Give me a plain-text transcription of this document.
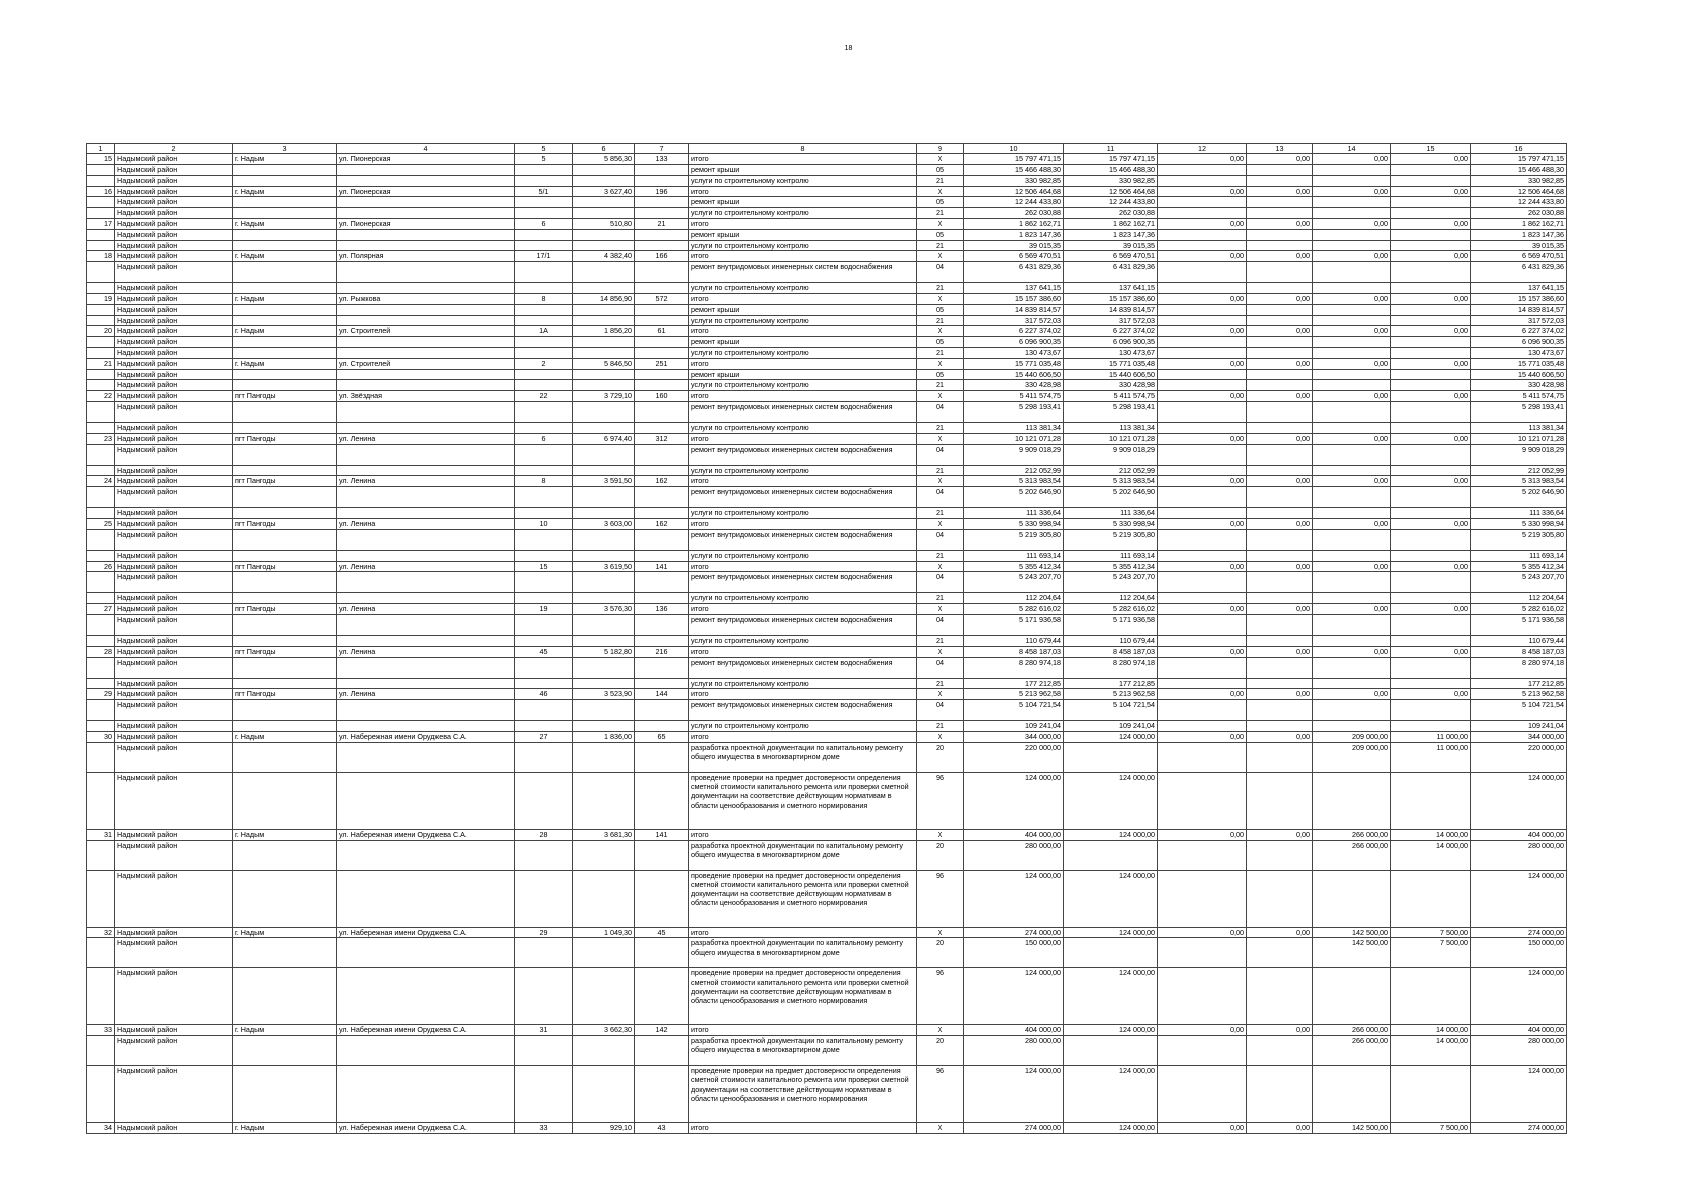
18
1	2	3	4	5	6	7	8	9	10	11	12	13	14	15	16
15	Надымский район	г. Надым	ул. Пионерская	5	5 856,30	133	итого	Х	15 797 471,15	15 797 471,15	0,00	0,00	0,00	0,00	15 797 471,15
	Надымский район						ремонт крыши	05	15 466 488,30	15 466 488,30					15 466 488,30
	Надымский район						услуги по строительному контролю	21	330 982,85	330 982,85					330 982,85
16	Надымский район	г. Надым	ул. Пионерская	5/1	3 627,40	196	итого	Х	12 506 464,68	12 506 464,68	0,00	0,00	0,00	0,00	12 506 464,68
	Надымский район						ремонт крыши	05	12 244 433,80	12 244 433,80					12 244 433,80
	Надымский район						услуги по строительному контролю	21	262 030,88	262 030,88					262 030,88
17	Надымский район	г. Надым	ул. Пионерская	6	510,80	21	итого	Х	1 862 162,71	1 862 162,71	0,00	0,00	0,00	0,00	1 862 162,71
	Надымский район						ремонт крыши	05	1 823 147,36	1 823 147,36					1 823 147,36
	Надымский район						услуги по строительному контролю	21	39 015,35	39 015,35					39 015,35
18	Надымский район	г. Надым	ул. Полярная	17/1	4 382,40	166	итого	Х	6 569 470,51	6 569 470,51	0,00	0,00	0,00	0,00	6 569 470,51
	Надымский район						ремонт внутридомовых инженерных систем водоснабжения	04	6 431 829,36	6 431 829,36					6 431 829,36
	Надымский район						услуги по строительному контролю	21	137 641,15	137 641,15					137 641,15
19	Надымский район	г. Надым	ул. Рыжкова	8	14 856,90	572	итого	Х	15 157 386,60	15 157 386,60	0,00	0,00	0,00	0,00	15 157 386,60
	Надымский район						ремонт крыши	05	14 839 814,57	14 839 814,57					14 839 814,57
	Надымский район						услуги по строительному контролю	21	317 572,03	317 572,03					317 572,03
20	Надымский район	г. Надым	ул. Строителей	1А	1 856,20	61	итого	Х	6 227 374,02	6 227 374,02	0,00	0,00	0,00	0,00	6 227 374,02
	Надымский район						ремонт крыши	05	6 096 900,35	6 096 900,35					6 096 900,35
	Надымский район						услуги по строительному контролю	21	130 473,67	130 473,67					130 473,67
21	Надымский район	г. Надым	ул. Строителей	2	5 846,50	251	итого	Х	15 771 035,48	15 771 035,48	0,00	0,00	0,00	0,00	15 771 035,48
	Надымский район						ремонт крыши	05	15 440 606,50	15 440 606,50					15 440 606,50
	Надымский район						услуги по строительному контролю	21	330 428,98	330 428,98					330 428,98
22	Надымский район	пгт Пангоды	ул. Звёздная	22	3 729,10	160	итого	Х	5 411 574,75	5 411 574,75	0,00	0,00	0,00	0,00	5 411 574,75
	Надымский район						ремонт внутридомовых инженерных систем водоснабжения	04	5 298 193,41	5 298 193,41					5 298 193,41
	Надымский район						услуги по строительному контролю	21	113 381,34	113 381,34					113 381,34
23	Надымский район	пгт Пангоды	ул. Ленина	6	6 974,40	312	итого	Х	10 121 071,28	10 121 071,28	0,00	0,00	0,00	0,00	10 121 071,28
	Надымский район						ремонт внутридомовых инженерных систем водоснабжения	04	9 909 018,29	9 909 018,29					9 909 018,29
	Надымский район						услуги по строительному контролю	21	212 052,99	212 052,99					212 052,99
24	Надымский район	пгт Пангоды	ул. Ленина	8	3 591,50	162	итого	Х	5 313 983,54	5 313 983,54	0,00	0,00	0,00	0,00	5 313 983,54
	Надымский район						ремонт внутридомовых инженерных систем водоснабжения	04	5 202 646,90	5 202 646,90					5 202 646,90
	Надымский район						услуги по строительному контролю	21	111 336,64	111 336,64					111 336,64
25	Надымский район	пгт Пангоды	ул. Ленина	10	3 603,00	162	итого	Х	5 330 998,94	5 330 998,94	0,00	0,00	0,00	0,00	5 330 998,94
	Надымский район						ремонт внутридомовых инженерных систем водоснабжения	04	5 219 305,80	5 219 305,80					5 219 305,80
	Надымский район						услуги по строительному контролю	21	111 693,14	111 693,14					111 693,14
26	Надымский район	пгт Пангоды	ул. Ленина	15	3 619,50	141	итого	Х	5 355 412,34	5 355 412,34	0,00	0,00	0,00	0,00	5 355 412,34
	Надымский район						ремонт внутридомовых инженерных систем водоснабжения	04	5 243 207,70	5 243 207,70					5 243 207,70
	Надымский район						услуги по строительному контролю	21	112 204,64	112 204,64					112 204,64
27	Надымский район	пгт Пангоды	ул. Ленина	19	3 576,30	136	итого	Х	5 282 616,02	5 282 616,02	0,00	0,00	0,00	0,00	5 282 616,02
	Надымский район						ремонт внутридомовых инженерных систем водоснабжения	04	5 171 936,58	5 171 936,58					5 171 936,58
	Надымский район						услуги по строительному контролю	21	110 679,44	110 679,44					110 679,44
28	Надымский район	пгт Пангоды	ул. Ленина	45	5 182,80	216	итого	Х	8 458 187,03	8 458 187,03	0,00	0,00	0,00	0,00	8 458 187,03
	Надымский район						ремонт внутридомовых инженерных систем водоснабжения	04	8 280 974,18	8 280 974,18					8 280 974,18
	Надымский район						услуги по строительному контролю	21	177 212,85	177 212,85					177 212,85
29	Надымский район	пгт Пангоды	ул. Ленина	46	3 523,90	144	итого	Х	5 213 962,58	5 213 962,58	0,00	0,00	0,00	0,00	5 213 962,58
	Надымский район						ремонт внутридомовых инженерных систем водоснабжения	04	5 104 721,54	5 104 721,54					5 104 721,54
	Надымский район						услуги по строительному контролю	21	109 241,04	109 241,04					109 241,04
30	Надымский район	г. Надым	ул. Набережная имени Оруджева С.А.	27	1 836,00	65	итого	Х	344 000,00	124 000,00	0,00	0,00	209 000,00	11 000,00	344 000,00
	Надымский район						разработка проектной документации по капитальному ремонту общего имущества в многоквартирном доме	20	220 000,00				209 000,00	11 000,00	220 000,00
	Надымский район						проведение проверки на предмет достоверности определения сметной стоимости капитального ремонта или проверки сметной документации на соответствие действующим нормативам в области ценообразования и сметного нормирования	96	124 000,00	124 000,00					124 000,00
31	Надымский район	г. Надым	ул. Набережная имени Оруджева С.А.	28	3 681,30	141	итого	Х	404 000,00	124 000,00	0,00	0,00	266 000,00	14 000,00	404 000,00
	Надымский район						разработка проектной документации по капитальному ремонту общего имущества в многоквартирном доме	20	280 000,00				266 000,00	14 000,00	280 000,00
	Надымский район						проведение проверки на предмет достоверности определения сметной стоимости капитального ремонта или проверки сметной документации на соответствие действующим нормативам в области ценообразования и сметного нормирования	96	124 000,00	124 000,00					124 000,00
32	Надымский район	г. Надым	ул. Набережная имени Оруджева С.А.	29	1 049,30	45	итого	Х	274 000,00	124 000,00	0,00	0,00	142 500,00	7 500,00	274 000,00
	Надымский район						разработка проектной документации по капитальному ремонту общего имущества в многоквартирном доме	20	150 000,00				142 500,00	7 500,00	150 000,00
	Надымский район						проведение проверки на предмет достоверности определения сметной стоимости капитального ремонта или проверки сметной документации на соответствие действующим нормативам в области ценообразования и сметного нормирования	96	124 000,00	124 000,00					124 000,00
33	Надымский район	г. Надым	ул. Набережная имени Оруджева С.А.	31	3 662,30	142	итого	Х	404 000,00	124 000,00	0,00	0,00	266 000,00	14 000,00	404 000,00
	Надымский район						разработка проектной документации по капитальному ремонту общего имущества в многоквартирном доме	20	280 000,00				266 000,00	14 000,00	280 000,00
	Надымский район						проведение проверки на предмет достоверности определения сметной стоимости капитального ремонта или проверки сметной документации на соответствие действующим нормативам в области ценообразования и сметного нормирования	96	124 000,00	124 000,00					124 000,00
34	Надымский район	г. Надым	ул. Набережная имени Оруджева С.А.	33	929,10	43	итого	Х	274 000,00	124 000,00	0,00	0,00	142 500,00	7 500,00	274 000,00
